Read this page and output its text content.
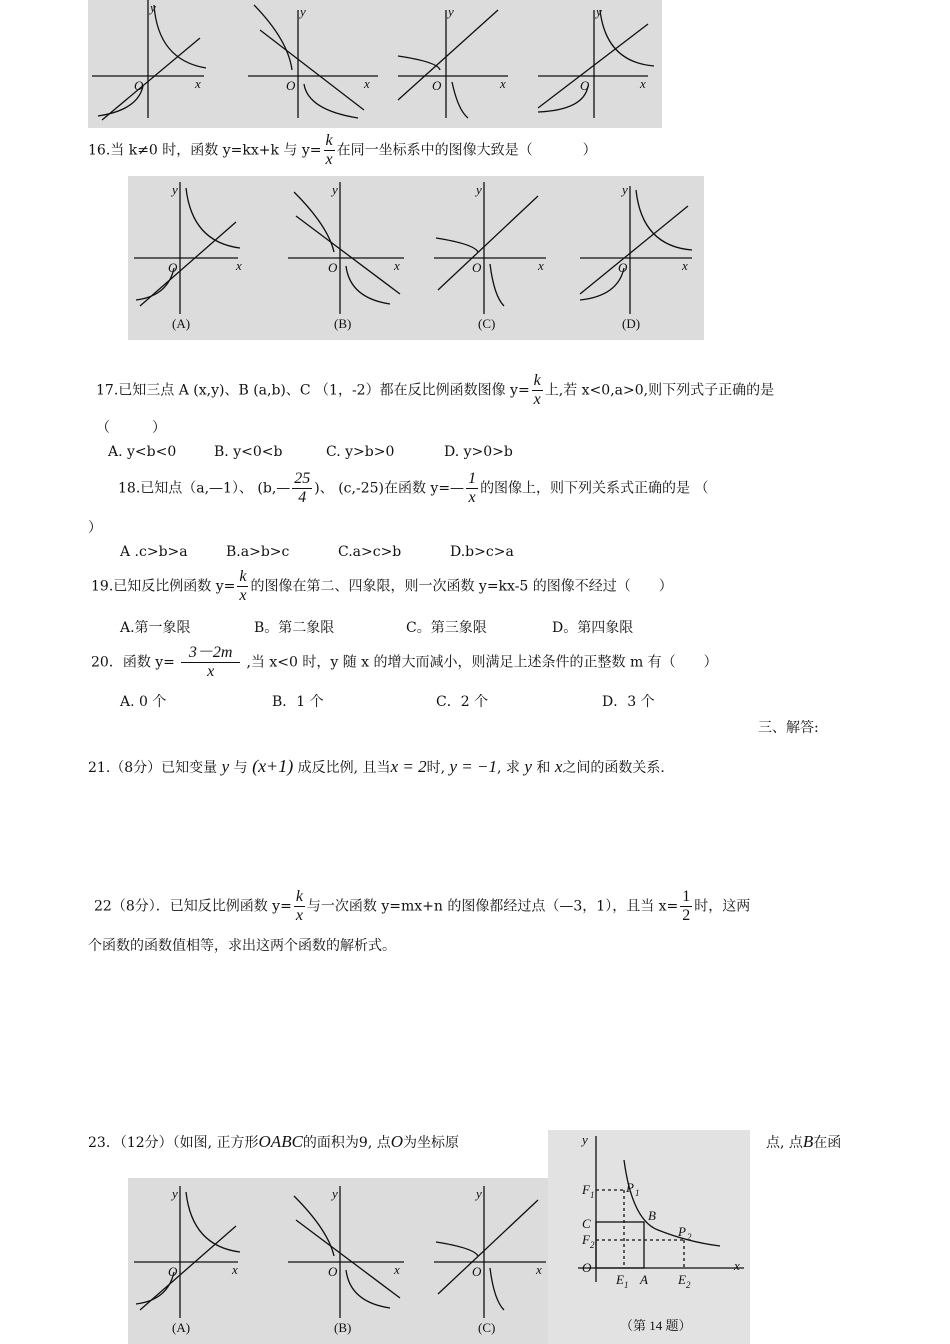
x
y
O	x
y
O	x
y
O	x
y
O
16.当 k≠0 时，函数 y=kx+k 与 $y= \frac{k}{x}$ 在同一坐标系中的图像大致是（	）
x
y
O	x
y
O	x
y
O	x
y
O
(A)	(B)	(C)	(D)
17.已知三点 A (x,y)、B (a,b)、C （1，-2）都在反比例函数图像 $y= \frac{k}{x}$ 上,若 x<0,a>0,则下列式子正确的是
（　　　）
A. y<b<0	B. y<0<b	C. y>b>0	D. y>0>b
18.已知点（a,—1）、 (b,— $\frac{25}{4}$ )、 (c,-25)在函数 y=— $\frac{1}{x}$ 的图像上，则下列关系式正确的是 （
）
A .c>b>a	B.a>b>c	C.a>c>b	D.b>c>a
19.已知反比例函数 $y= \frac{k}{x}$ 的图像在第二、四象限，则一次函数 y=kx-5 的图像不经过（　　）
A.第一象限	B。第二象限	C。第三象限	D。第四象限
20．函数 $y= \frac{3-2m}{x}$ ,当 x<0 时，y 随 x 的增大而减小，则满足上述条件的正整数 m 有（　　）
A. 0 个	B．1 个	C．2 个	D．3 个
三、解答:
21.（8分）已知变量 y 与 (x+1) 成反比例, 且当x = 2时, y = −1, 求 y 和 x之间的函数关系.
22（8分）．已知反比例函数 $y= \frac{k}{x}$ 与一次函数 y=mx+n 的图像都经过点（—3，1），且当 $x= \frac{1}{2}$ 时，这两
个函数的函数值相等，求出这两个函数的解析式。
23．（12分）（如图, 正方形OABC的面积为9, 点O为坐标原	点, 点B在函
y
x
O
F 1 P 1
B
C
F 2
P 2
E 1 A E 2
（第 14 题）
x
y
O	x
y
O	x
y
O
(A)	(B)	(C)
